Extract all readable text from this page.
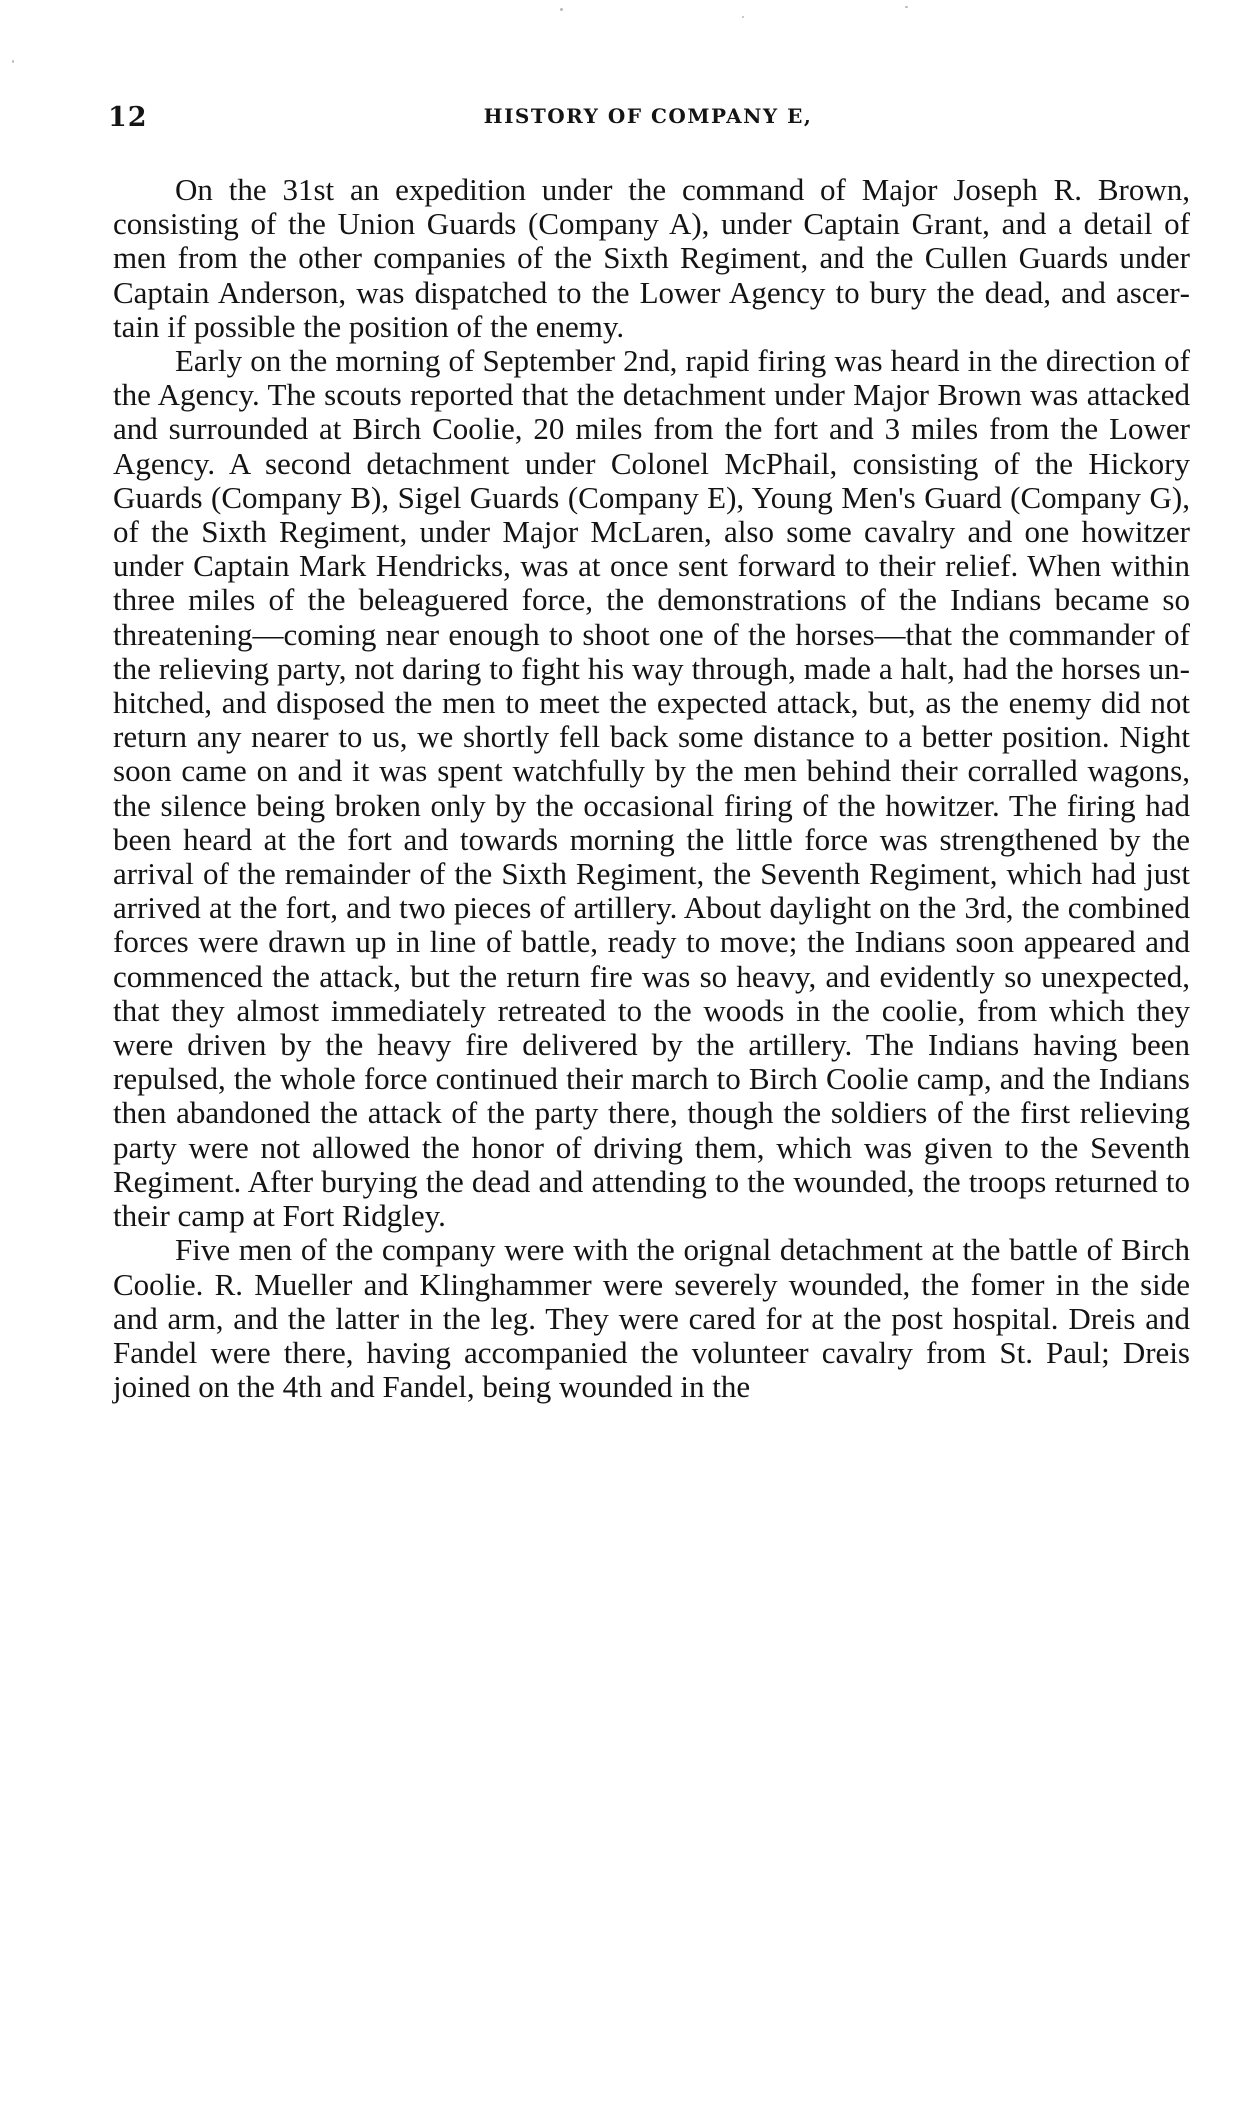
12	HISTORY OF COMPANY E,

On the 31st an expedition under the command of Major Joseph R. Brown, consisting of the Union Guards (Company A), under Captain Grant, and a detail of men from the other companies of the Sixth Regiment, and the Cullen Guards under Captain Anderson, was dispatched to the Lower Agency to bury the dead, and ascertain if possible the position of the enemy.

Early on the morning of September 2nd, rapid firing was heard in the direction of the Agency. The scouts reported that the detachment under Major Brown was attacked and surrounded at Birch Coolie, 20 miles from the fort and 3 miles from the Lower Agency. A second detachment under Colonel McPhail, consisting of the Hickory Guards (Company B), Sigel Guards (Company E), Young Men's Guard (Company G), of the Sixth Regiment, under Major McLaren, also some cavalry and one howitzer under Captain Mark Hendricks, was at once sent forward to their relief. When within three miles of the beleaguered force, the demonstrations of the Indians became so threatening—coming near enough to shoot one of the horses—that the commander of the relieving party, not daring to fight his way through, made a halt, had the horses unhitched, and disposed the men to meet the expected attack, but, as the enemy did not return any nearer to us, we shortly fell back some distance to a better position. Night soon came on and it was spent watchfully by the men behind their corralled wagons, the silence being broken only by the occasional firing of the howitzer. The firing had been heard at the fort and towards morning the little force was strengthened by the arrival of the remainder of the Sixth Regiment, the Seventh Regiment, which had just arrived at the fort, and two pieces of artillery. About daylight on the 3rd, the combined forces were drawn up in line of battle, ready to move; the Indians soon appeared and commenced the attack, but the return fire was so heavy, and evidently so unexpected, that they almost immediately retreated to the woods in the coolie, from which they were driven by the heavy fire delivered by the artillery. The Indians having been repulsed, the whole force continued their march to Birch Coolie camp, and the Indians then abandoned the attack of the party there, though the soldiers of the first relieving party were not allowed the honor of driving them, which was given to the Seventh Regiment. After burying the dead and attending to the wounded, the troops returned to their camp at Fort Ridgley.

Five men of the company were with the orignal detachment at the battle of Birch Coolie. R. Mueller and Klinghammer were severely wounded, the fomer in the side and arm, and the latter in the leg. They were cared for at the post hospital. Dreis and Fandel were there, having accompanied the volunteer cavalry from St. Paul; Dreis joined on the 4th and Fandel, being wounded in the
